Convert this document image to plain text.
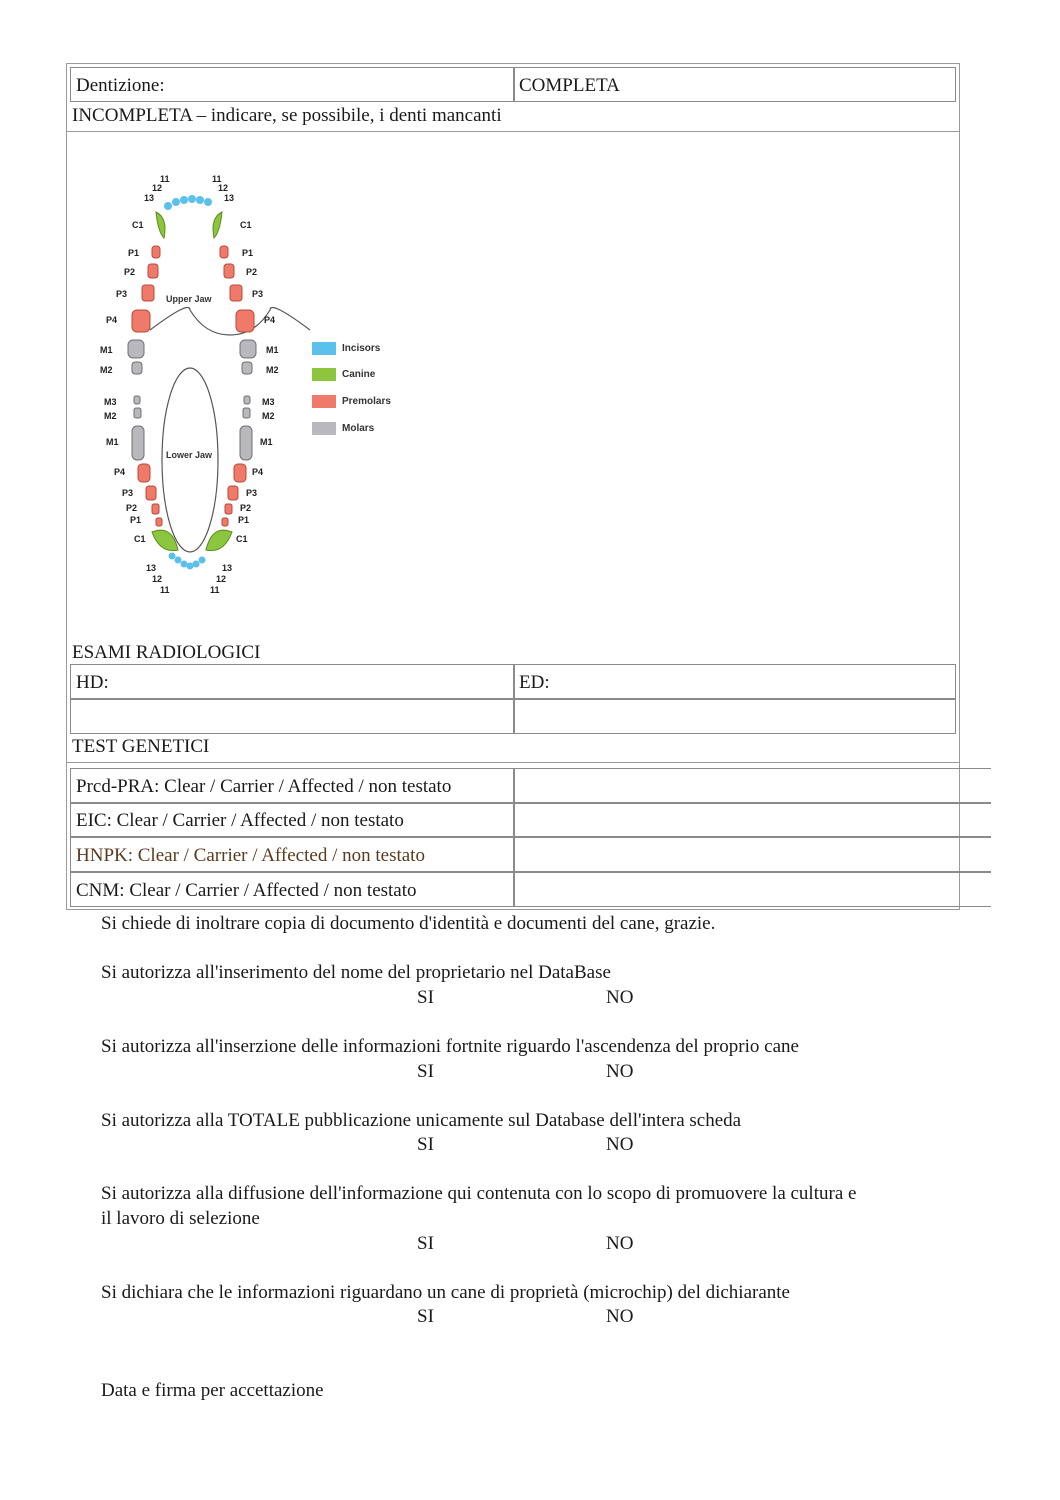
Dentizione:	COMPLETA
INCOMPLETA – indicare, se possibile, i denti mancanti
Upper Jaw
Lower Jaw
11
12
13
C1
P1
P2
P3
P4
M1
M2
11
12
13
C1
P1
P2
P3
P4
M1
M2
M3
M2
M1
P4
P3
P2
P1
C1
13
12
11
M3
M2
M1
P4
P3
P2
P1
C1
13
12
11
Incisors
Canine
Premolars
Molars
ESAMI RADIOLOGICI
HD:	ED:
TEST GENETICI
Prcd-PRA: Clear / Carrier / Affected / non testato
EIC: Clear / Carrier / Affected / non testato
HNPK: Clear / Carrier / Affected / non testato
CNM: Clear / Carrier / Affected / non testato
Si chiede di inoltrare copia di documento d'identità e documenti del cane, grazie.
Si autorizza all'inserimento del nome del proprietario nel DataBase
SI	NO
Si autorizza all'inserzione delle informazioni fortnite riguardo l'ascendenza del proprio cane
SI	NO
Si autorizza alla TOTALE pubblicazione unicamente sul Database dell'intera scheda
SI	NO
Si autorizza alla diffusione dell'informazione qui contenuta con lo scopo di promuovere la cultura e
il lavoro di selezione
SI	NO
Si dichiara che le informazioni riguardano un cane di proprietà (microchip) del dichiarante
SI	NO
Data e firma per accettazione
